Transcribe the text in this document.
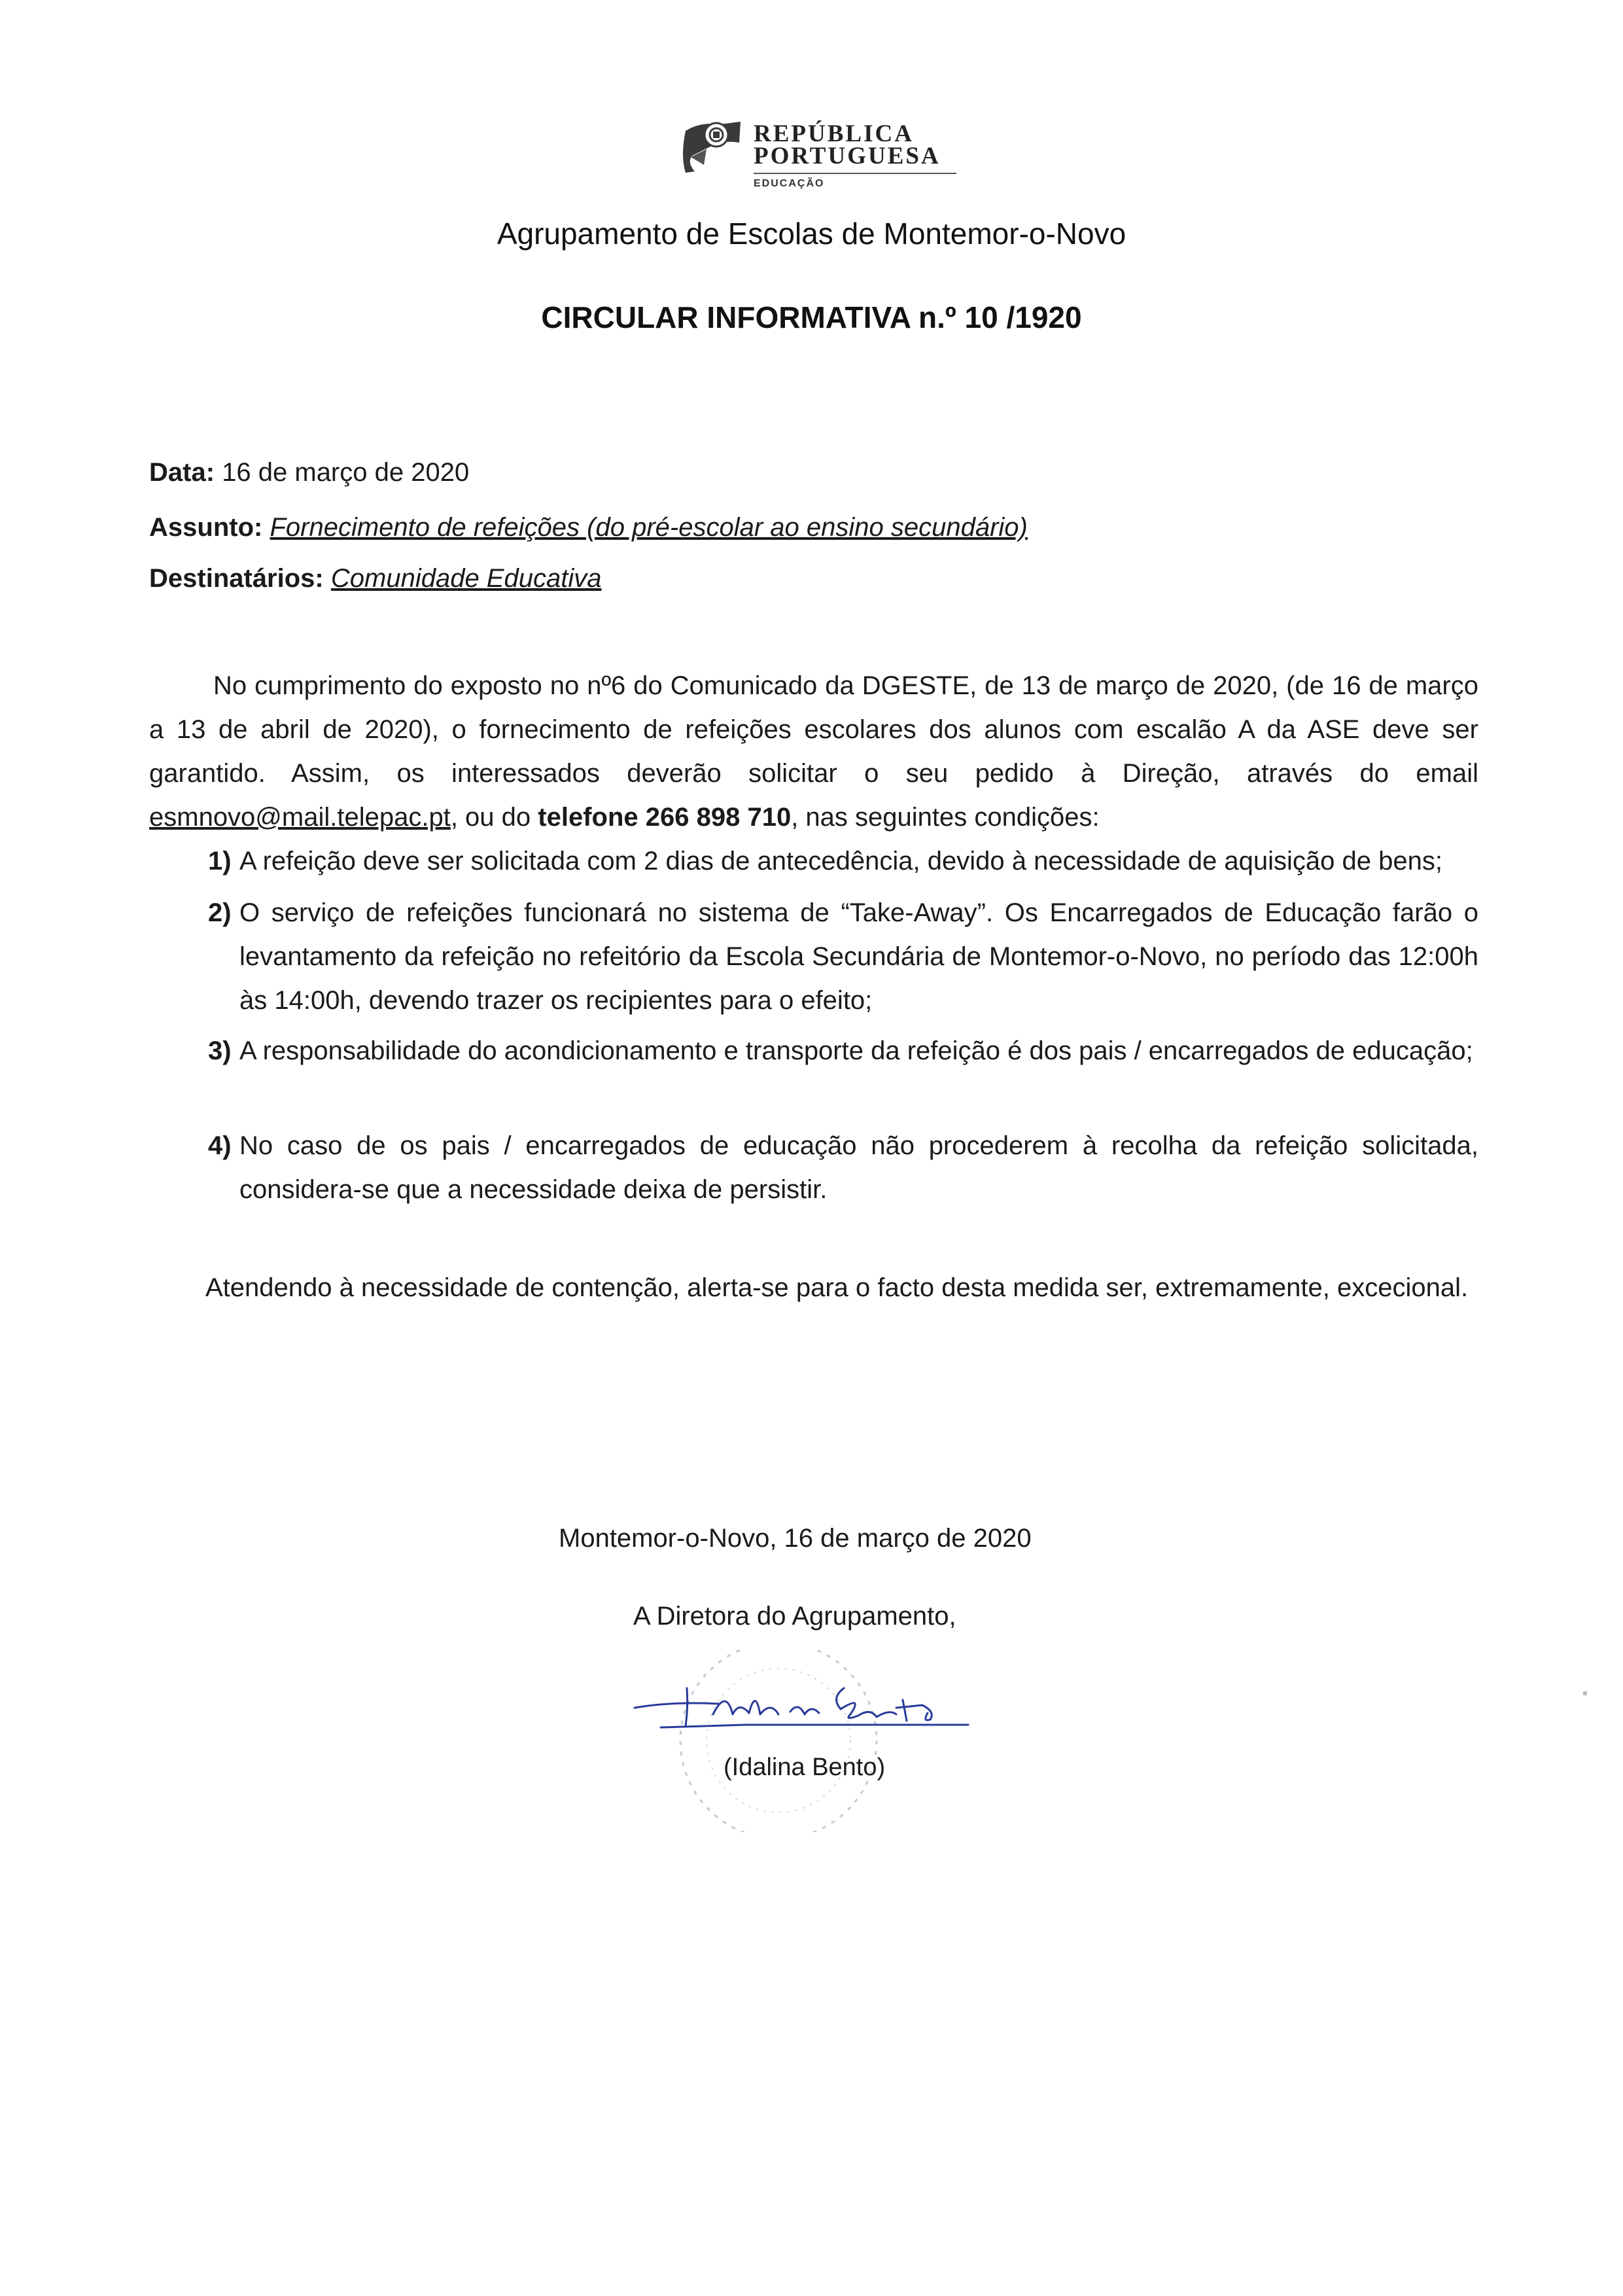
REPÚBLICA
PORTUGUESA
EDUCAÇÃO
Agrupamento de Escolas de Montemor-o-Novo
CIRCULAR INFORMATIVA n.º 10 /1920
Data: 16 de março de 2020
Assunto: Fornecimento de refeições (do pré-escolar ao ensino secundário)
Destinatários: Comunidade Educativa
No cumprimento do exposto no nº6 do Comunicado da DGESTE, de 13 de março de 2020, (de 16 de março a 13 de abril de 2020), o fornecimento de refeições escolares dos alunos com escalão A da ASE deve ser garantido. Assim, os interessados deverão solicitar o seu pedido à Direção, através do email esmnovo@mail.telepac.pt, ou do telefone 266 898 710, nas seguintes condições:
1) A refeição deve ser solicitada com 2 dias de antecedência, devido à necessidade de aquisição de bens;
2) O serviço de refeições funcionará no sistema de “Take-Away”. Os Encarregados de Educação farão o levantamento da refeição no refeitório da Escola Secundária de Montemor-o-Novo, no período das 12:00h às 14:00h, devendo trazer os recipientes para o efeito;
3) A responsabilidade do acondicionamento e transporte da refeição é dos pais / encarregados de educação;
4) No caso de os pais / encarregados de educação não procederem à recolha da refeição solicitada, considera-se que a necessidade deixa de persistir.
Atendendo à necessidade de contenção, alerta-se para o facto desta medida ser, extremamente, excecional.
Montemor-o-Novo, 16 de março de 2020
A Diretora do Agrupamento,
(Idalina Bento)
